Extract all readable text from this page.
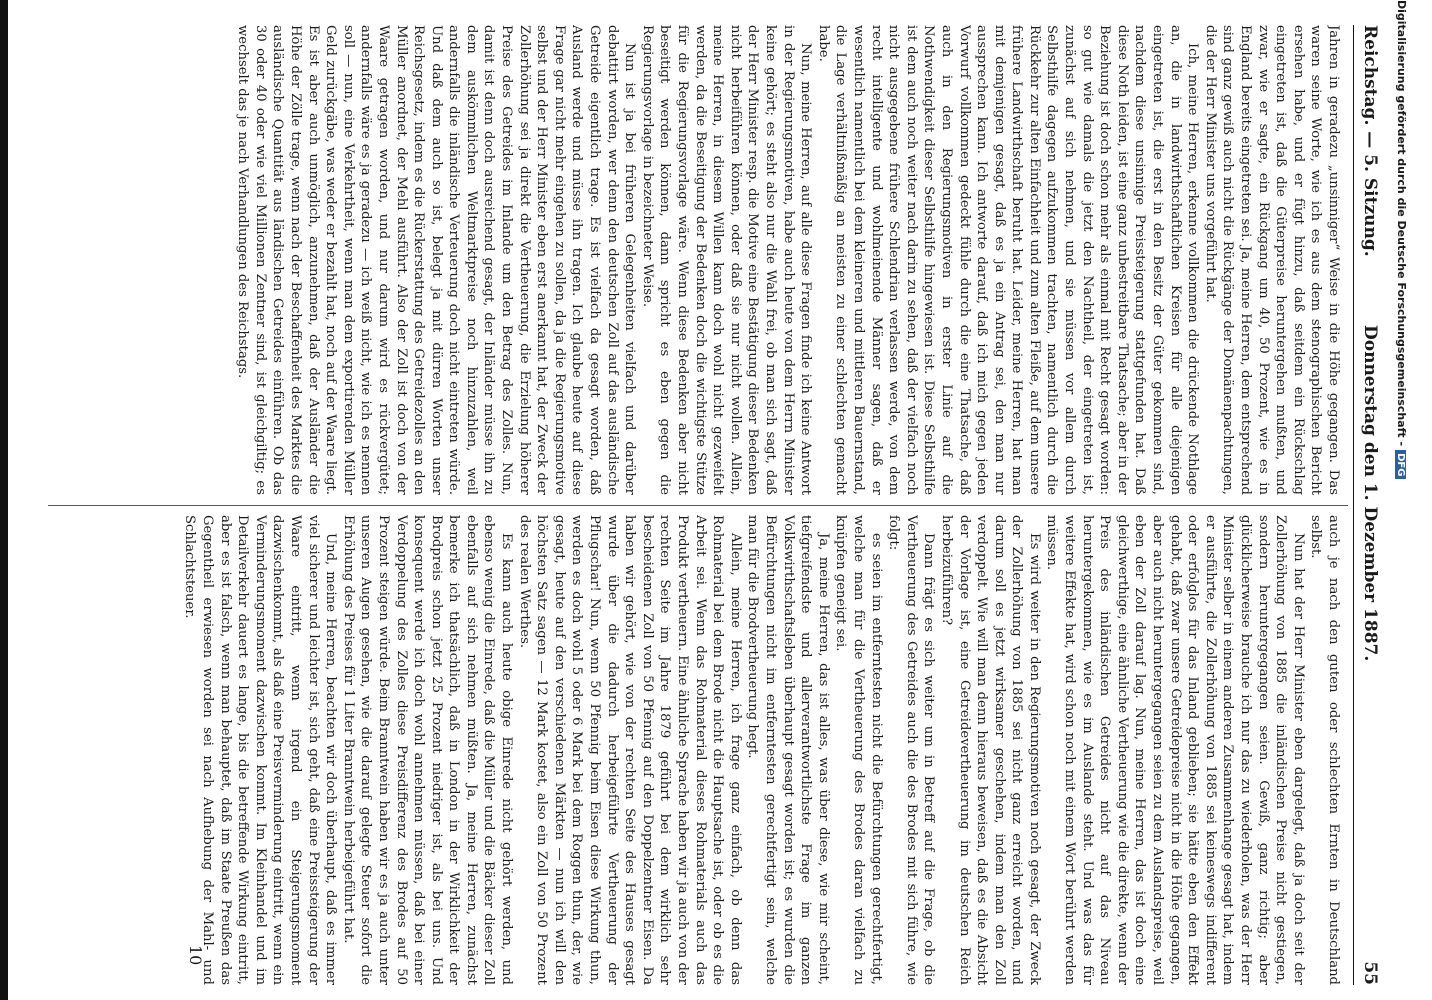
Reichstag. — 5. Sitzung.
Donnerstag den 1. Dezember 1887.
55

Jahren in geradezu „unsinniger“ Weise in die Höhe gegangen. Das waren seine Worte, wie ich es aus dem stenographischen Bericht ersehen habe, und er fügt hinzu, daß seitdem ein Rückschlag eingetreten ist, daß die Güterpreise heruntergehen mußten, und zwar, wie er sagte, ein Rückgang um 40, 50 Prozent, wie es in England bereits eingetreten sei. Ja, meine Herren, dem entsprechend sind ganz gewiß auch nicht die Rückgänge der Domänenpachtungen, die der Herr Minister uns vorgeführt hat.

Ich, meine Herren, erkenne vollkommen die drückende Nothlage an, die in landwirthschaftlichen Kreisen für alle diejenigen eingetreten ist, die erst in den Besitz der Güter gekommen sind, nachdem diese unsinnige Preissteigerung stattgefunden hat. Daß diese Noth leiden, ist eine ganz unbestreitbare Thatsache; aber in der Beziehung ist doch schon mehr als einmal mit Recht gesagt worden: so gut wie damals die jetzt den Nachtheil, der eingetreten ist, zunächst auf sich nehmen, und sie müssen vor allem durch Selbsthilfe dagegen aufzukommen trachten, namentlich durch die Rückkehr zur alten Einfachheit und zum alten Fleiße, auf dem unsere frühere Landwirthschaft beruht hat. Leider, meine Herren, hat man mit demjenigen gesagt, daß es ja ein Antrag sei, den man nur aussprechen kann. Ich antworte darauf, daß ich mich gegen jeden Vorwurf vollkommen gedeckt fühle durch die eine Thatsache, daß auch in den Regierungsmotiven in erster Linie auf die Nothwendigkeit dieser Selbsthilfe hingewiesen ist. Diese Selbsthilfe ist dem auch noch weiter nach darin zu sehen, daß der vielfach noch nicht ausgegebene frühere Schlendrian verlassen werde, von dem recht intelligente und wohlmeinende Männer sagen, daß er wesentlich namentlich bei dem kleineren und mittleren Bauernstand, die Lage verhältnißmäßig an meisten zu einer schlechten gemacht habe.

Nun, meine Herren, auf alle diese Fragen finde ich keine Antwort in der Regierungsmotiven, habe auch heute von dem Herrn Minister keine gehört; es steht also nur die Wahl frei, ob man sich sagt, daß der Herr Minister resp. die Motive eine Bestätigung dieser Bedenken nicht herbeiführen können, oder daß sie nur nicht wollen. Allein, meine Herren, in diesem Willen kann doch wohl nicht gezweifelt werden, da die Beseitigung der Bedenken doch die wichtigste Stütze für die Regierungsvorlage wäre. Wenn diese Bedenken aber nicht beseitigt werden können, dann spricht es eben gegen die Regierungsvorlage in bezeichneter Weise.

Nun ist ja bei früheren Gelegenheiten vielfach und darüber debattirt worden, wer denn den deutschen Zoll auf das ausländische Getreide eigentlich trage. Es ist vielfach da gesagt worden, daß Ausland werde und müsse ihn tragen. Ich glaube heute auf diese Frage gar nicht mehr eingehen zu sollen, da ja die Regierungsmotive selbst und der Herr Minister eben erst anerkannt hat, der Zweck der Zollerhöhung sei ja direkt die Vertheuerung, die Erzielung höherer Preise des Getreides im Inlande um den Betrag des Zolles. Nun, damit ist denn doch ausreichend gesagt, der Inländer müsse ihn zu dem auskömmlichen Weltmarktpreise noch hinzuzahlen, weil andernfalls die inländische Verteuerung doch nicht eintreten würde. Und daß dem auch so ist, belegt ja mit dürren Worten unser Reichsgesetz, indem es die Rückerstattung des Getreidezolles an den Müller anordnet, der Mehl ausführt. Also der Zoll ist doch von der Waare getragen worden, und nur darum wird es rückvergütet; andernfalls wäre es ja geradezu — ich weiß nicht, wie ich es nennen soll — nun, eine Verkehrtheit, wenn man dem exportirenden Müller Geld zurückgäbe, was weder er bezahlt hat, noch auf der Waare liegt. Es ist aber auch unmöglich, anzunehmen, daß der Ausländer die Höhe der Zölle trage, wenn nach der Beschaffenheit des Marktes die ausländische Quantität aus ländischen Getreides einführen. Ob das 30 oder 40 oder wie viel Millionen Zentner sind, ist gleichgiltig; es wechselt das je nach Verhandlungen des Reichstags.

auch je nach den guten oder schlechten Ernten in Deutschland selbst.

Nun hat der Herr Minister eben dargelegt, daß ja doch seit der Zollerhöhung von 1885 die inländischen Preise nicht gestiegen, sondern heruntergegangen seien. Gewiß, ganz richtig; aber glücklicherweise brauche ich nur das zu wiederholen, was der Herr Minister selber in einem anderen Zusammenhange gesagt hat, indem er ausführte, die Zollerhöhung von 1885 sei keineswegs indifferent oder erfolglos für das Inland geblieben; sie hätte eben den Effekt gehabt, daß zwar unsere Getreidepreise nicht in die Höhe gegangen, aber auch nicht heruntergegangen seien zu dem Auslandspreise, weil eben der Zoll darauf lag. Nun, meine Herren, das ist doch eine gleichwerthige, eine ähnliche Vertheuerung wie die direkte, wenn der Preis des inländischen Getreides nicht auf das Niveau heruntergekommen, wie es im Auslande steht. Und was das für weitere Effekte hat, wird schon noch mit einem Wort berührt werden müssen.

Es wird weiter in den Regierungsmotiven noch gesagt, der Zweck der Zollerhöhung von 1885 sei nicht ganz erreicht worden, und darum soll es jetzt wirksamer geschehen, indem man den Zoll verdoppelt. Wie will man denn hieraus beweisen, daß es die Absicht der Vorlage ist, eine Getreidevertheuerung im deutschen Reich herbeizuführen?

Dann frägt es sich weiter um in Betreff auf die Frage, ob die Vertheuerung des Getreides auch die des Brodes mit sich führe, wie folgt:

es seien im entferntesten nicht die Befürchtungen gerechtfertigt, welche man für die Vertheuerung des Brodes daran vielfach zu knüpfen geneigt sei.

Ja, meine Herren, das ist alles, was über diese, wie mir scheint, tiefgreifendste und allerverantwortlichste Frage im ganzen Volkswirthschaftsleben überhaupt gesagt worden ist; es wurden die Befürchtungen nicht im entferntesten gerechtfertigt sein, welche man für die Brodvertheuerung hegt.

Allein, meine Herren, ich frage ganz einfach, ob denn das Rohmaterial bei dem Brode nicht die Hauptsache ist, oder ob es die Arbeit sei. Wenn das Rohmaterial dieses Rohmaterials auch das Produkt vertheuern. Eine ähnliche Sprache haben wir ja auch von der rechten Seite im Jahre 1879 geführt bei dem wirklich sehr bescheidenen Zoll von 50 Pfennig auf den Doppelzentner Eisen. Da haben wir gehört, wie von der rechten Seite des Hauses gesagt wurde über die dadurch herbeigeführte Vertheuerung der Pflugschar! Nun, wenn 50 Pfennig beim Eisen diese Wirkung thun, werden es doch wohl 5 oder 6 Mark bei dem Roggen thun, der, wie gesagt, heute auf den verschiedenen Märkten — nun ich will den höchsten Satz sagen — 12 Mark kostet, also ein Zoll von 50 Prozent des realen Werthes.

Es kann auch heute obige Einrede nicht gehört werden, und ebenso wenig die Einrede, daß die Müller und die Bäcker dieser Zoll ebenfalls auf sich nehmen müßten. Ja, meine Herren, zunächst bemerke ich thatsächlich, daß in London in der Wirklichkeit der Brodpreis schon jetzt 25 Prozent niedriger ist, als bei uns. Und konsequent werde ich doch wohl annehmen müssen, daß bei einer Verdoppelung des Zolles diese Preisdifferenz des Brodes auf 50 Prozent steigen würde. Beim Branntwein haben wir es ja auch unter unseren Augen gesehen, wie die darauf gelegte Steuer sofort die Erhöhung des Preises für 1 Liter Branntwein herbeigeführt hat.

Und, meine Herren, beachten wir doch überhaupt, daß es immer viel sicherer und leichter ist, sich geht, daß eine Preissteigerung der Waare eintritt, wenn irgend ein Steigerungsmoment dazwischenkommt, als daß eine Preisverminderung eintritt, wenn ein Verminderungsmoment dazwischen kommt. Im Kleinhandel und im Detailverkehr dauert es lange, bis die betreffende Wirkung eintritt, aber es ist falsch, wenn man behauptet, daß im Staate Preußen das Gegentheil erwiesen worden sei nach Aufhebung der Mahl- und Schlachtsteuer.

10
Digitalisierung gefördert durch die Deutsche Forschungsgemeinschaft -DFG
